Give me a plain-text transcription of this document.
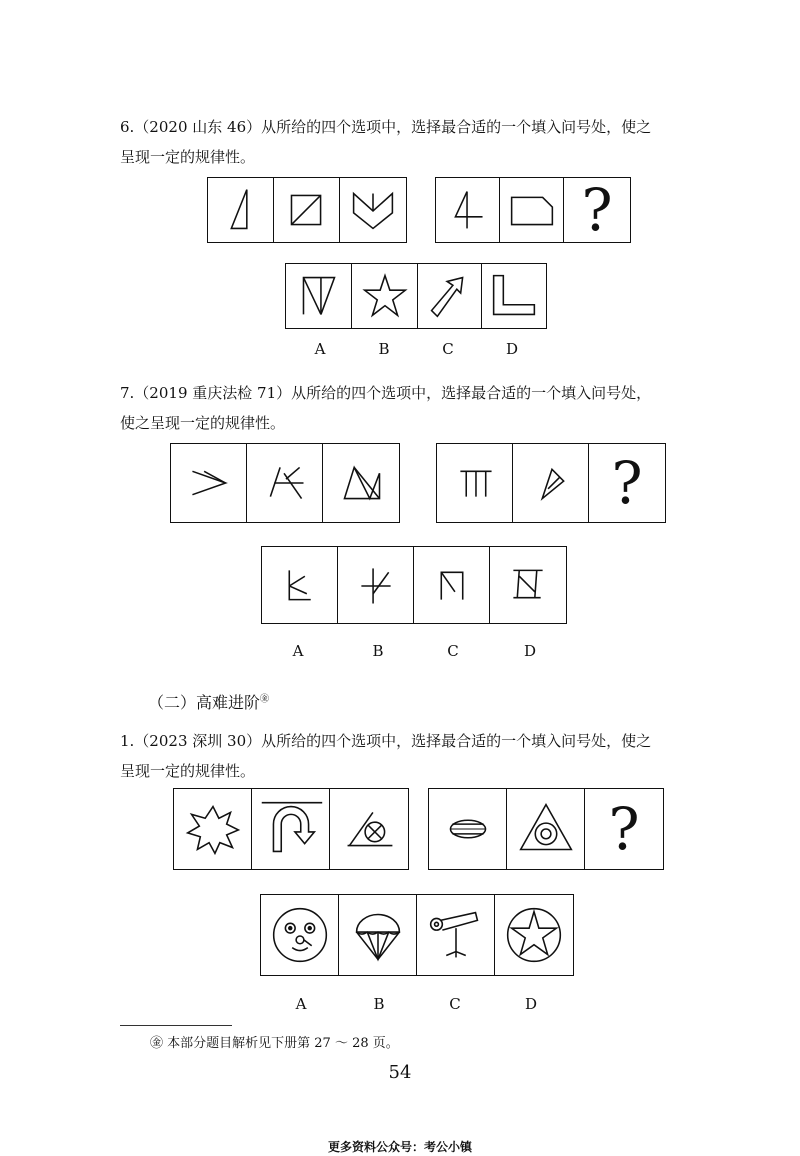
6.（2020 山东 46）从所给的四个选项中，选择最合适的一个填入问号处，使之
呈现一定的规律性。
?
A	B	C	D
7.（2019 重庆法检 71）从所给的四个选项中，选择最合适的一个填入问号处，
使之呈现一定的规律性。
?
A	B	C	D
（二）高难进阶㊎
1.（2023 深圳 30）从所给的四个选项中，选择最合适的一个填入问号处，使之
呈现一定的规律性。
?
A	B	C	D
㊎ 本部分题目解析见下册第 27 ～ 28 页。
54
更多资料公众号：考公小镇
